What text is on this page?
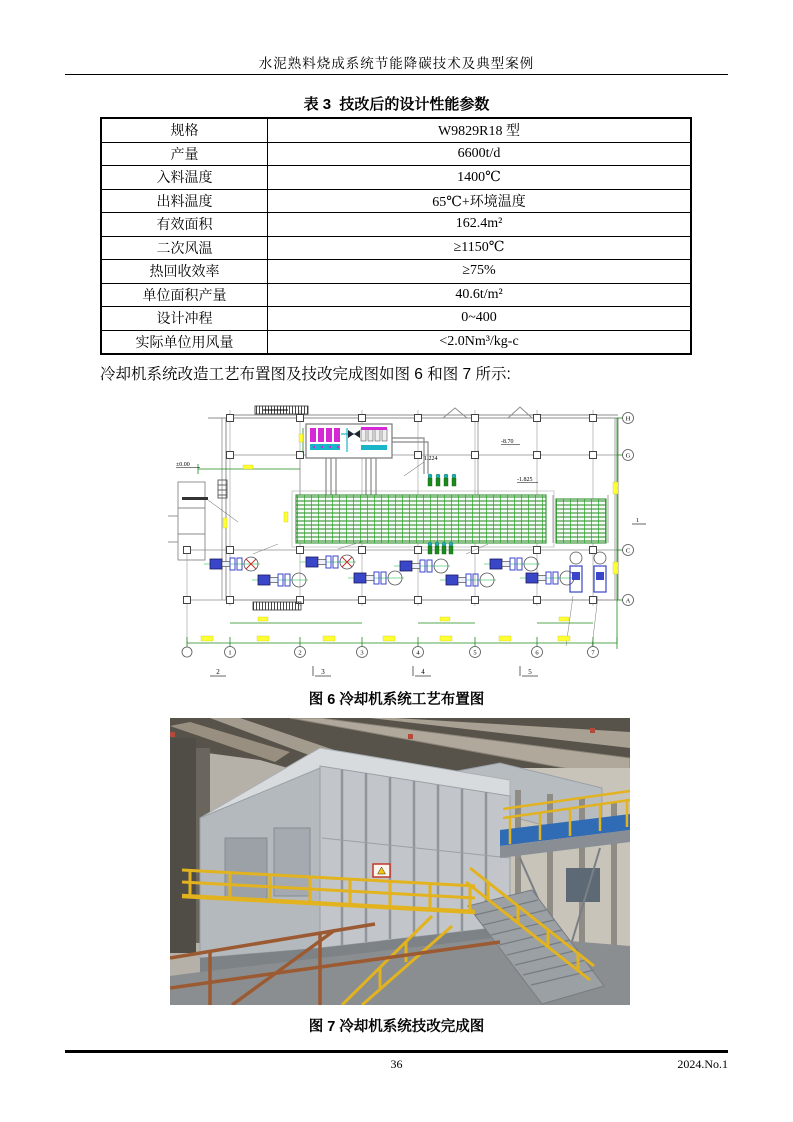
水泥熟料烧成系统节能降碳技术及典型案例
表 3  技改后的设计性能参数
规格	W9829R18 型
产量	6600t/d
入料温度	1400℃
出料温度	65℃+环境温度
有效面积	162.4m²
二次风温	≥1150℃
热回收效率	≥75%
单位面积产量	40.6t/m²
设计冲程	0~400
实际单位用风量	<2.0Nm³/kg-c
冷却机系统改造工艺布置图及技改完成图如图 6 和图 7 所示:
1	2	3	4	5	6	7
H
G
C
A
±0.00
-8.70
1.224
-1.825
1
2	3	4	5
图 6 冷却机系统工艺布置图
图 7 冷却机系统技改完成图
36	2024.No.1
